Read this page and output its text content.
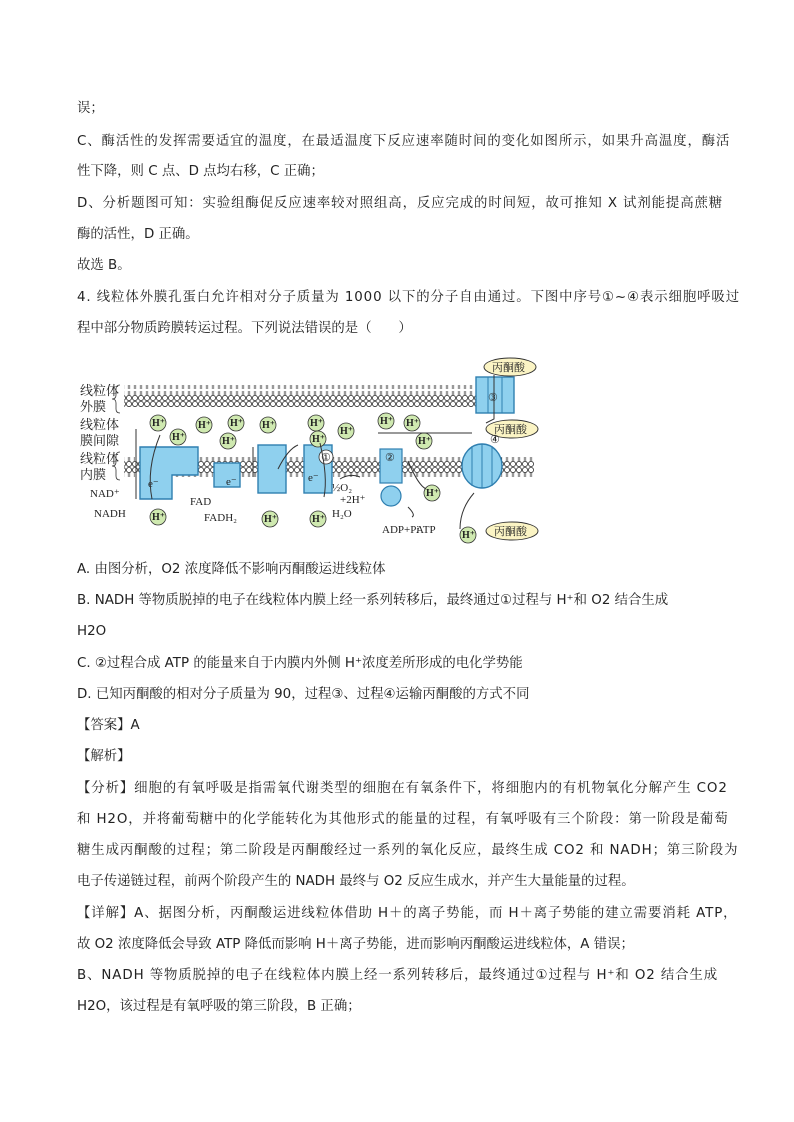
误；

C、酶活性的发挥需要适宜的温度，在最适温度下反应速率随时间的变化如图所示，如果升高温度，酶活

性下降，则 C 点、D 点均右移，C 正确；

D、分析题图可知：实验组酶促反应速率较对照组高，反应完成的时间短，故可推知 X 试剂能提高蔗糖

酶的活性，D 正确。

故选 B。

4. 线粒体外膜孔蛋白允许相对分子质量为 1000 以下的分子自由通过。下图中序号①~④表示细胞呼吸过

程中部分物质跨膜转运过程。下列说法错误的是（　　）

线粒体
外膜
线粒体
膜间隙
线粒体
内膜
③
丙酮酸
丙酮酸
丙酮酸
e⁻	e⁻
①
e⁻
②
④
H⁺
H⁺
H⁺
H⁺
H⁺ H⁺	H⁺
H⁺
H⁺
H⁺ H⁺
H⁺
H⁺	H⁺	H⁺
H⁺
H⁺
NAD⁺
NADH
FAD
FADH₂
½O₂
+2H⁺
H₂O
ADP+Pi
ATP

A. 由图分析，O2 浓度降低不影响丙酮酸运进线粒体

B. NADH 等物质脱掉的电子在线粒体内膜上经一系列转移后，最终通过①过程与 H⁺和 O2 结合生成

H2O

C. ②过程合成 ATP 的能量来自于内膜内外侧 H⁺浓度差所形成的电化学势能

D. 已知丙酮酸的相对分子质量为 90，过程③、过程④运输丙酮酸的方式不同

【答案】A

【解析】

【分析】细胞的有氧呼吸是指需氧代谢类型的细胞在有氧条件下，将细胞内的有机物氧化分解产生 CO2

和 H2O，并将葡萄糖中的化学能转化为其他形式的能量的过程，有氧呼吸有三个阶段：第一阶段是葡萄

糖生成丙酮酸的过程；第二阶段是丙酮酸经过一系列的氧化反应，最终生成 CO2 和 NADH；第三阶段为

电子传递链过程，前两个阶段产生的 NADH 最终与 O2 反应生成水，并产生大量能量的过程。

【详解】A、据图分析，丙酮酸运进线粒体借助 H＋的离子势能，而 H＋离子势能的建立需要消耗 ATP，

故 O2 浓度降低会导致 ATP 降低而影响 H＋离子势能，进而影响丙酮酸运进线粒体，A 错误；

B、NADH 等物质脱掉的电子在线粒体内膜上经一系列转移后，最终通过①过程与 H⁺和 O2 结合生成

H2O，该过程是有氧呼吸的第三阶段，B 正确；
